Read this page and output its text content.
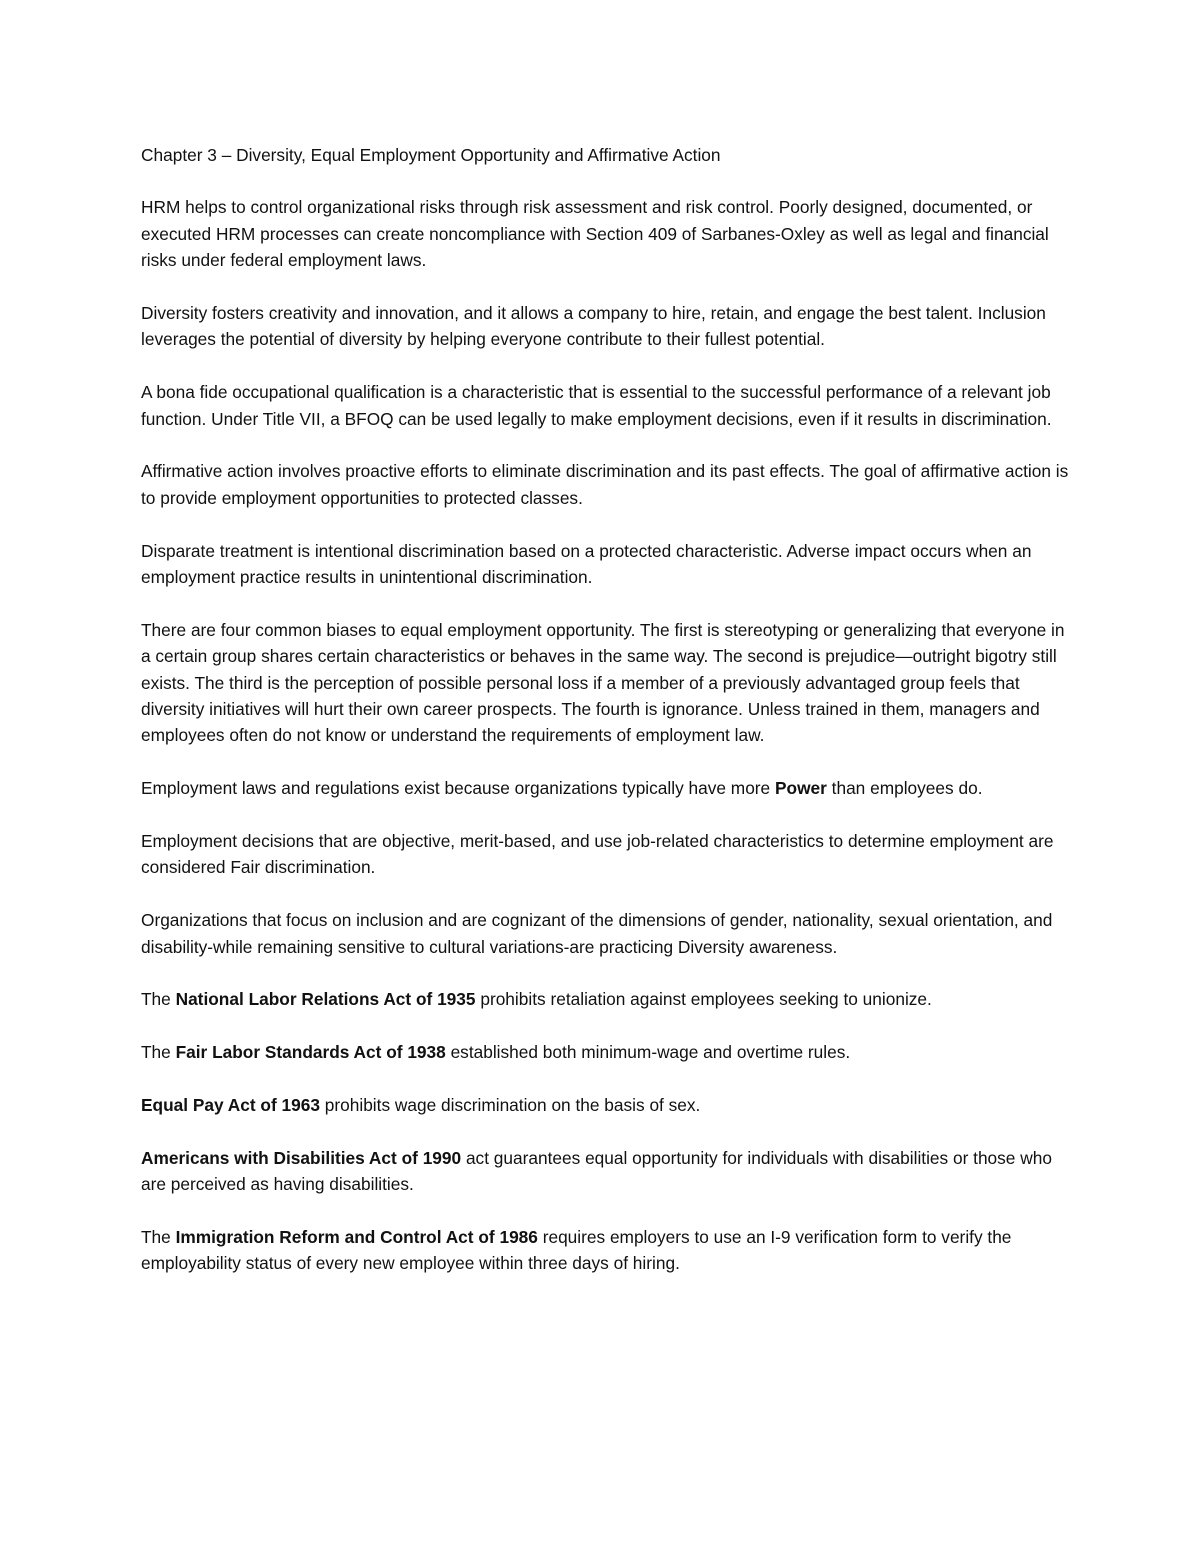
Chapter 3 – Diversity, Equal Employment Opportunity and Affirmative Action

HRM helps to control organizational risks through risk assessment and risk control. Poorly designed, documented, or executed HRM processes can create noncompliance with Section 409 of Sarbanes-Oxley as well as legal and financial risks under federal employment laws.

Diversity fosters creativity and innovation, and it allows a company to hire, retain, and engage the best talent. Inclusion leverages the potential of diversity by helping everyone contribute to their fullest potential.

A bona fide occupational qualification is a characteristic that is essential to the successful performance of a relevant job function. Under Title VII, a BFOQ can be used legally to make employment decisions, even if it results in discrimination.

Affirmative action involves proactive efforts to eliminate discrimination and its past effects. The goal of affirmative action is to provide employment opportunities to protected classes.

Disparate treatment is intentional discrimination based on a protected characteristic. Adverse impact occurs when an employment practice results in unintentional discrimination.

There are four common biases to equal employment opportunity. The first is stereotyping or generalizing that everyone in a certain group shares certain characteristics or behaves in the same way. The second is prejudice—outright bigotry still exists. The third is the perception of possible personal loss if a member of a previously advantaged group feels that diversity initiatives will hurt their own career prospects. The fourth is ignorance. Unless trained in them, managers and employees often do not know or understand the requirements of employment law.

Employment laws and regulations exist because organizations typically have more Power than employees do.

Employment decisions that are objective, merit-based, and use job-related characteristics to determine employment are considered Fair discrimination.

Organizations that focus on inclusion and are cognizant of the dimensions of gender, nationality, sexual orientation, and disability-while remaining sensitive to cultural variations-are practicing Diversity awareness.

The National Labor Relations Act of 1935 prohibits retaliation against employees seeking to unionize.

The Fair Labor Standards Act of 1938 established both minimum-wage and overtime rules.

Equal Pay Act of 1963 prohibits wage discrimination on the basis of sex.

Americans with Disabilities Act of 1990 act guarantees equal opportunity for individuals with disabilities or those who are perceived as having disabilities.

The Immigration Reform and Control Act of 1986 requires employers to use an I-9 verification form to verify the employability status of every new employee within three days of hiring.
